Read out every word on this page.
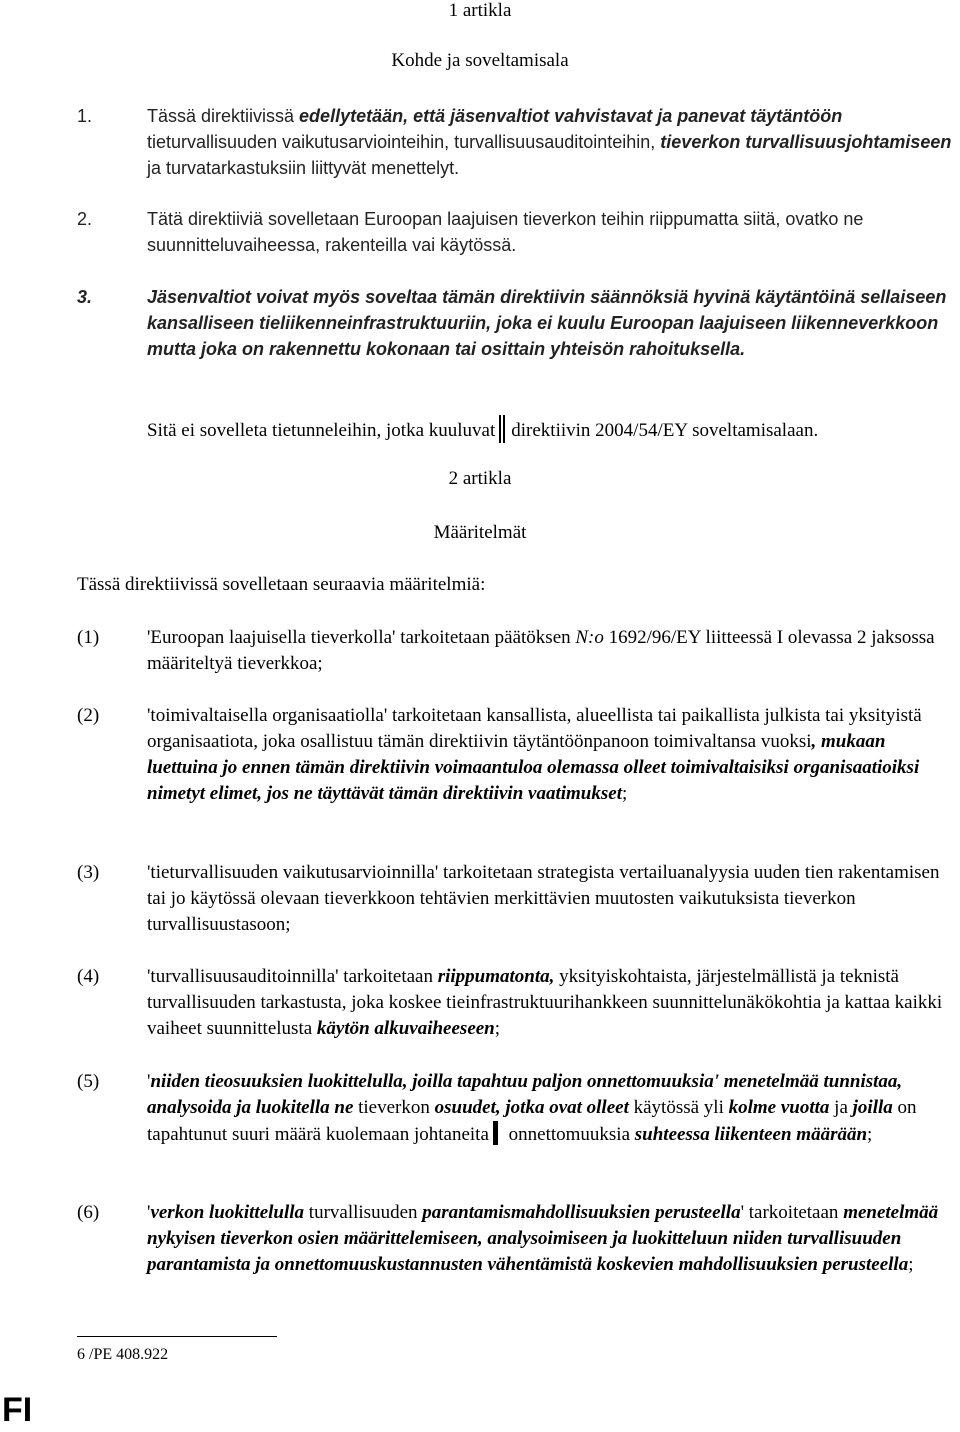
1 artikla
Kohde ja soveltamisala
1.	Tässä direktiivissä edellytetään, että jäsenvaltiot vahvistavat ja panevat täytäntöön tieturvallisuuden vaikutusarviointeihin, turvallisuusauditointeihin, tieverkon turvallisuusjohtamiseen ja turvatarkastuksiin liittyvät menettelyt.
2.	Tätä direktiiviä sovelletaan Euroopan laajuisen tieverkon teihin riippumatta siitä, ovatko ne suunnitteluvaiheessa, rakenteilla vai käytössä.
3.	Jäsenvaltiot voivat myös soveltaa tämän direktiivin säännöksiä hyvinä käytäntöinä sellaiseen kansalliseen tieliikenneinfrastruktuuriin, joka ei kuulu Euroopan laajuiseen liikenneverkkoon mutta joka on rakennettu kokonaan tai osittain yhteisön rahoituksella.
Sitä ei sovelleta tietunneleihin, jotka kuuluvat direktiivin 2004/54/EY soveltamisalaan.
2 artikla
Määritelmät
Tässä direktiivissä sovelletaan seuraavia määritelmiä:
(1)	'Euroopan laajuisella tieverkolla' tarkoitetaan päätöksen N:o 1692/96/EY liitteessä I olevassa 2 jaksossa määriteltyä tieverkkoa;
(2)	'toimivaltaisella organisaatiolla' tarkoitetaan kansallista, alueellista tai paikallista julkista tai yksityistä organisaatiota, joka osallistuu tämän direktiivin täytäntöönpanoon toimivaltansa vuoksi, mukaan luettuina jo ennen tämän direktiivin voimaantuloa olemassa olleet toimivaltaisiksi organisaatioiksi nimetyt elimet, jos ne täyttävät tämän direktiivin vaatimukset;
(3)	'tieturvallisuuden vaikutusarvioinnilla' tarkoitetaan strategista vertailuanalyysia uuden tien rakentamisen tai jo käytössä olevaan tieverkkoon tehtävien merkittävien muutosten vaikutuksista tieverkon turvallisuustasoon;
(4)	'turvallisuusauditoinnilla' tarkoitetaan riippumatonta, yksityiskohtaista, järjestelmällistä ja teknistä turvallisuuden tarkastusta, joka koskee tieinfrastruktuurihankkeen suunnittelunäkökohtia ja kattaa kaikki vaiheet suunnittelusta käytön alkuvaiheeseen;
(5)	'niiden tieosuuksien luokittelulla, joilla tapahtuu paljon onnettomuuksia' menetelmää tunnistaa, analysoida ja luokitella ne tieverkon osuudet, jotka ovat olleet käytössä yli kolme vuotta ja joilla on tapahtunut suuri määrä kuolemaan johtaneita onnettomuuksia suhteessa liikenteen määrään;
(6)	'verkon luokittelulla turvallisuuden parantamismahdollisuuksien perusteella' tarkoitetaan menetelmää nykyisen tieverkon osien määrittelemiseen, analysoimiseen ja luokitteluun niiden turvallisuuden parantamista ja onnettomuuskustannusten vähentämistä koskevien mahdollisuuksien perusteella;
6 /PE 408.922
FI
